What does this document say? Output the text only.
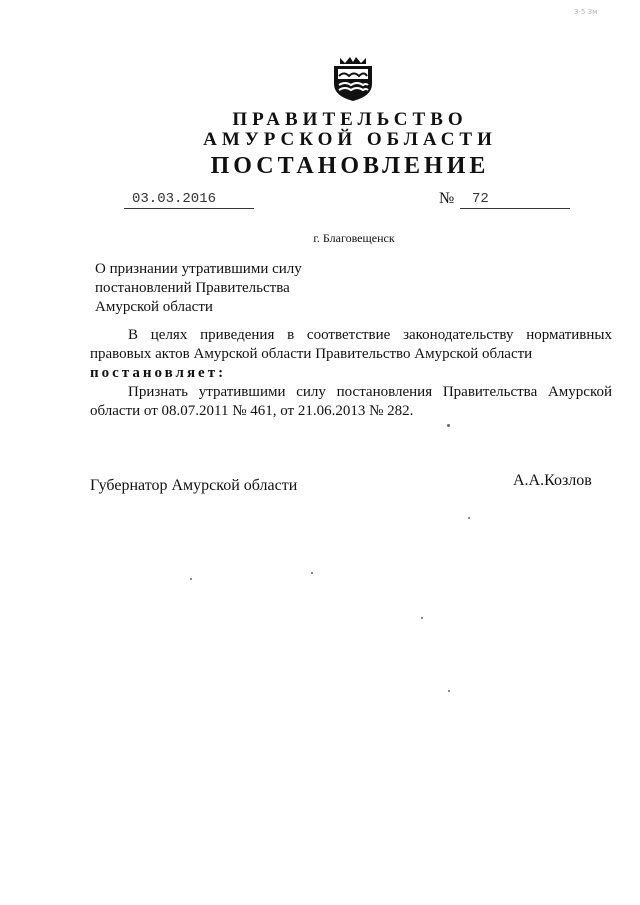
3-5 Зм
ПРАВИТЕЛЬСТВО
АМУРСКОЙ ОБЛАСТИ
ПОСТАНОВЛЕНИЕ
03.03.2016	№	72
г. Благовещенск
О признании утратившими силу
постановлений Правительства
Амурской области
В целях приведения в соответствие законодательству нормативных
правовых актов Амурской области Правительство Амурской области
постановляет:
Признать утратившими силу постановления Правительства Амурской
области от 08.07.2011 № 461, от 21.06.2013 № 282.
Губернатор Амурской области	А.А.Козлов
